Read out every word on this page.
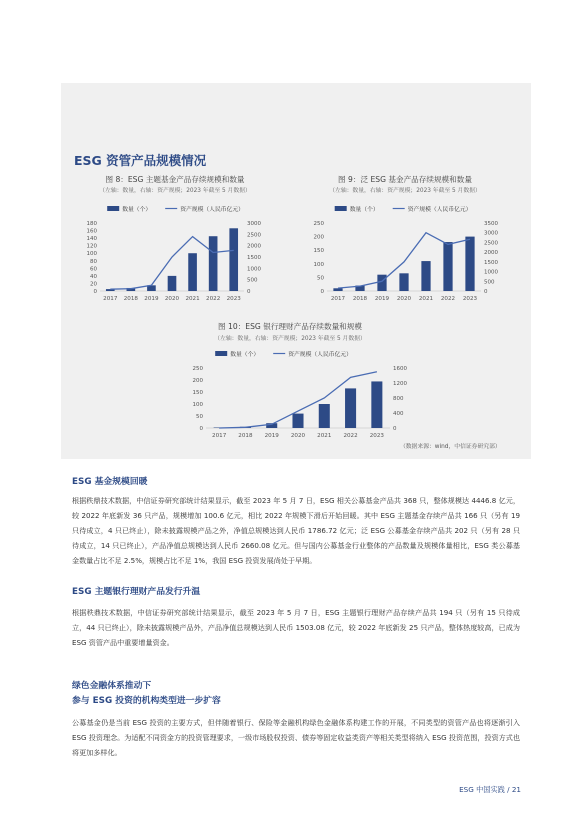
ESG 资管产品规模情况
图 8：ESG 主题基金产品存续规模和数量
（左轴：数量，右轴：资产规模；2023 年截至 5 月数据）
数量（个）	资产规模（人民币亿元）
0
20
40
60
80
100
120
140
160
180
0
500
1000
1500
2000
2500
3000
2017 2018 2019 2020 2021 2022 2023
图 9：泛 ESG 基金产品存续规模和数量
（左轴：数量，右轴：资产规模；2023 年截至 5 月数据）
数量（个）	资产规模（人民币亿元）
0
50
100
150
200
250
0
500
1000
1500
2000
2500
3000
3500
2017 2018 2019 2020 2021 2022 2023
图 10：ESG 银行理财产品存续数量和规模
（左轴：数量，右轴：资产规模；2023 年截至 5 月数据）
数量（个）	资产规模（人民币亿元）
0
50
100
150
200
250
0
400
800
1200
1600
2017 2018 2019 2020 2021 2022 2023
（数据来源：wind，中信证券研究部）
ESG 基金规模回暖
根据秩鼎技术数据，中信证券研究部统计结果显示，截至 2023 年 5 月 7 日，ESG 相关公募基金产品共 368 只，整体规模达 4446.8 亿元，较 2022 年底新发 36 只产品，规模增加 100.6 亿元，相比 2022 年规模下滑后开始回暖。其中 ESG 主题基金存续产品共 166 只（另有 19 只待成立，4 只已终止），除未披露规模产品之外，净值总规模达到人民币 1786.72 亿元；泛 ESG 公募基金存续产品共 202 只（另有 28 只待成立，14 只已终止），产品净值总规模达到人民币 2660.08 亿元。但与国内公募基金行业整体的产品数量及规模体量相比，ESG 类公募基金数量占比不足 2.5%，规模占比不足 1%，我国 ESG 投资发展尚处于早期。
ESG 主题银行理财产品发行升温
根据秩鼎技术数据，中信证券研究部统计结果显示，截至 2023 年 5 月 7 日，ESG 主题银行理财产品存续产品共 194 只（另有 15 只待成立，44 只已终止），除未披露规模产品外，产品净值总规模达到人民币 1503.08 亿元，较 2022 年底新发 25 只产品，整体热度较高，已成为 ESG 资管产品中重要增量资金。
绿色金融体系推动下
参与 ESG 投资的机构类型进一步扩容
公募基金仍是当前 ESG 投资的主要方式，但伴随着银行、保险等金融机构绿色金融体系构建工作的开展，不同类型的资管产品也将逐渐引入 ESG 投资理念。为适配不同资金方的投资管理要求，一级市场股权投资、债券等固定收益类资产等相关类型将纳入 ESG 投资范围，投资方式也将更加多样化。
ESG 中国实践 / 21
